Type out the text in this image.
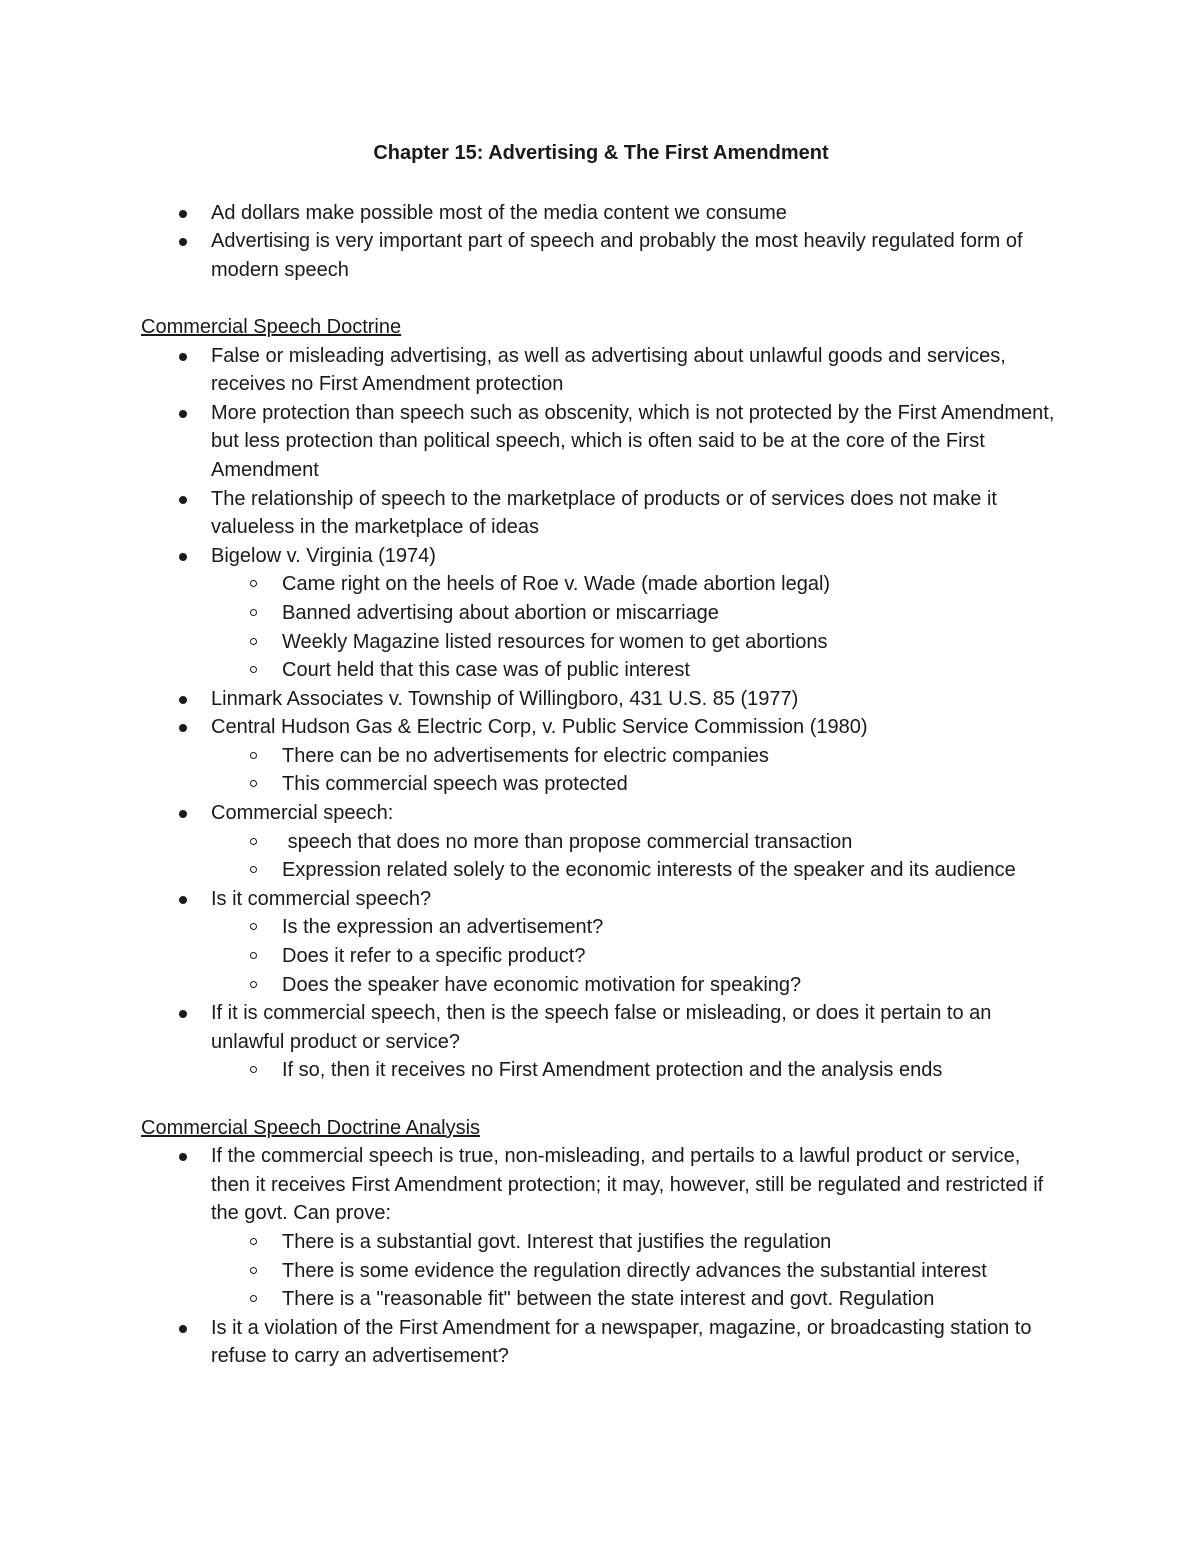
Chapter 15: Advertising & The First Amendment
Ad dollars make possible most of the media content we consume
Advertising is very important part of speech and probably the most heavily regulated form of modern speech
Commercial Speech Doctrine
False or misleading advertising, as well as advertising about unlawful goods and services, receives no First Amendment protection
More protection than speech such as obscenity, which is not protected by the First Amendment, but less protection than political speech, which is often said to be at the core of the First Amendment
The relationship of speech to the marketplace of products or of services does not make it valueless in the marketplace of ideas
Bigelow v. Virginia (1974)
Came right on the heels of Roe v. Wade (made abortion legal)
Banned advertising about abortion or miscarriage
Weekly Magazine listed resources for women to get abortions
Court held that this case was of public interest
Linmark Associates v. Township of Willingboro, 431 U.S. 85 (1977)
Central Hudson Gas & Electric Corp, v. Public Service Commission (1980)
There can be no advertisements for electric companies
This commercial speech was protected
Commercial speech:
speech that does no more than propose commercial transaction
Expression related solely to the economic interests of the speaker and its audience
Is it commercial speech?
Is the expression an advertisement?
Does it refer to a specific product?
Does the speaker have economic motivation for speaking?
If it is commercial speech, then is the speech false or misleading, or does it pertain to an unlawful product or service?
If so, then it receives no First Amendment protection and the analysis ends
Commercial Speech Doctrine Analysis
If the commercial speech is true, non-misleading, and pertails to a lawful product or service, then it receives First Amendment protection; it may, however, still be regulated and restricted if the govt. Can prove:
There is a substantial govt. Interest that justifies the regulation
There is some evidence the regulation directly advances the substantial interest
There is a "reasonable fit" between the state interest and govt. Regulation
Is it a violation of the First Amendment for a newspaper, magazine, or broadcasting station to refuse to carry an advertisement?
